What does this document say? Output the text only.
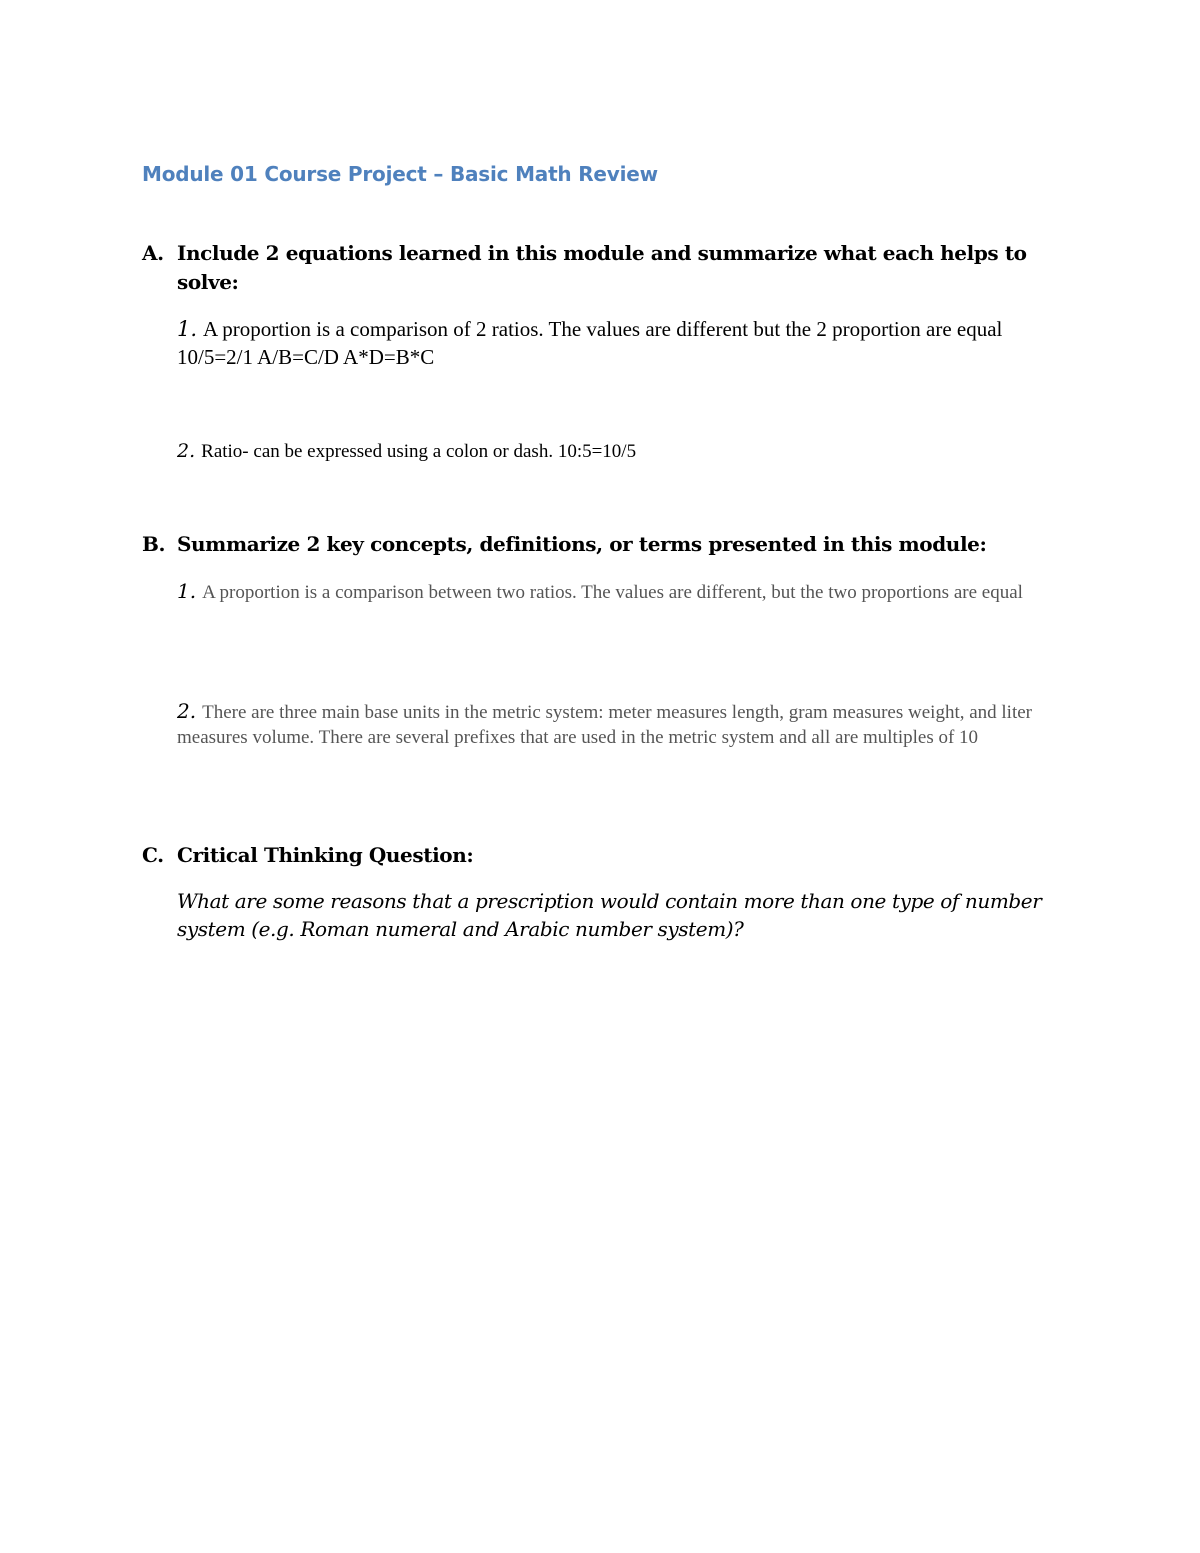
Module 01 Course Project – Basic Math Review
A. Include 2 equations learned in this module and summarize what each helps to solve:
1. A proportion is a comparison of 2 ratios. The values are different but the 2 proportion are equal 10/5=2/1 A/B=C/D A*D=B*C
2. Ratio- can be expressed using a colon or dash. 10:5=10/5
B. Summarize 2 key concepts, definitions, or terms presented in this module:
1. A proportion is a comparison between two ratios. The values are different, but the two proportions are equal
2. There are three main base units in the metric system: meter measures length, gram measures weight, and liter measures volume. There are several prefixes that are used in the metric system and all are multiples of 10
C. Critical Thinking Question:
What are some reasons that a prescription would contain more than one type of number system (e.g. Roman numeral and Arabic number system)?
